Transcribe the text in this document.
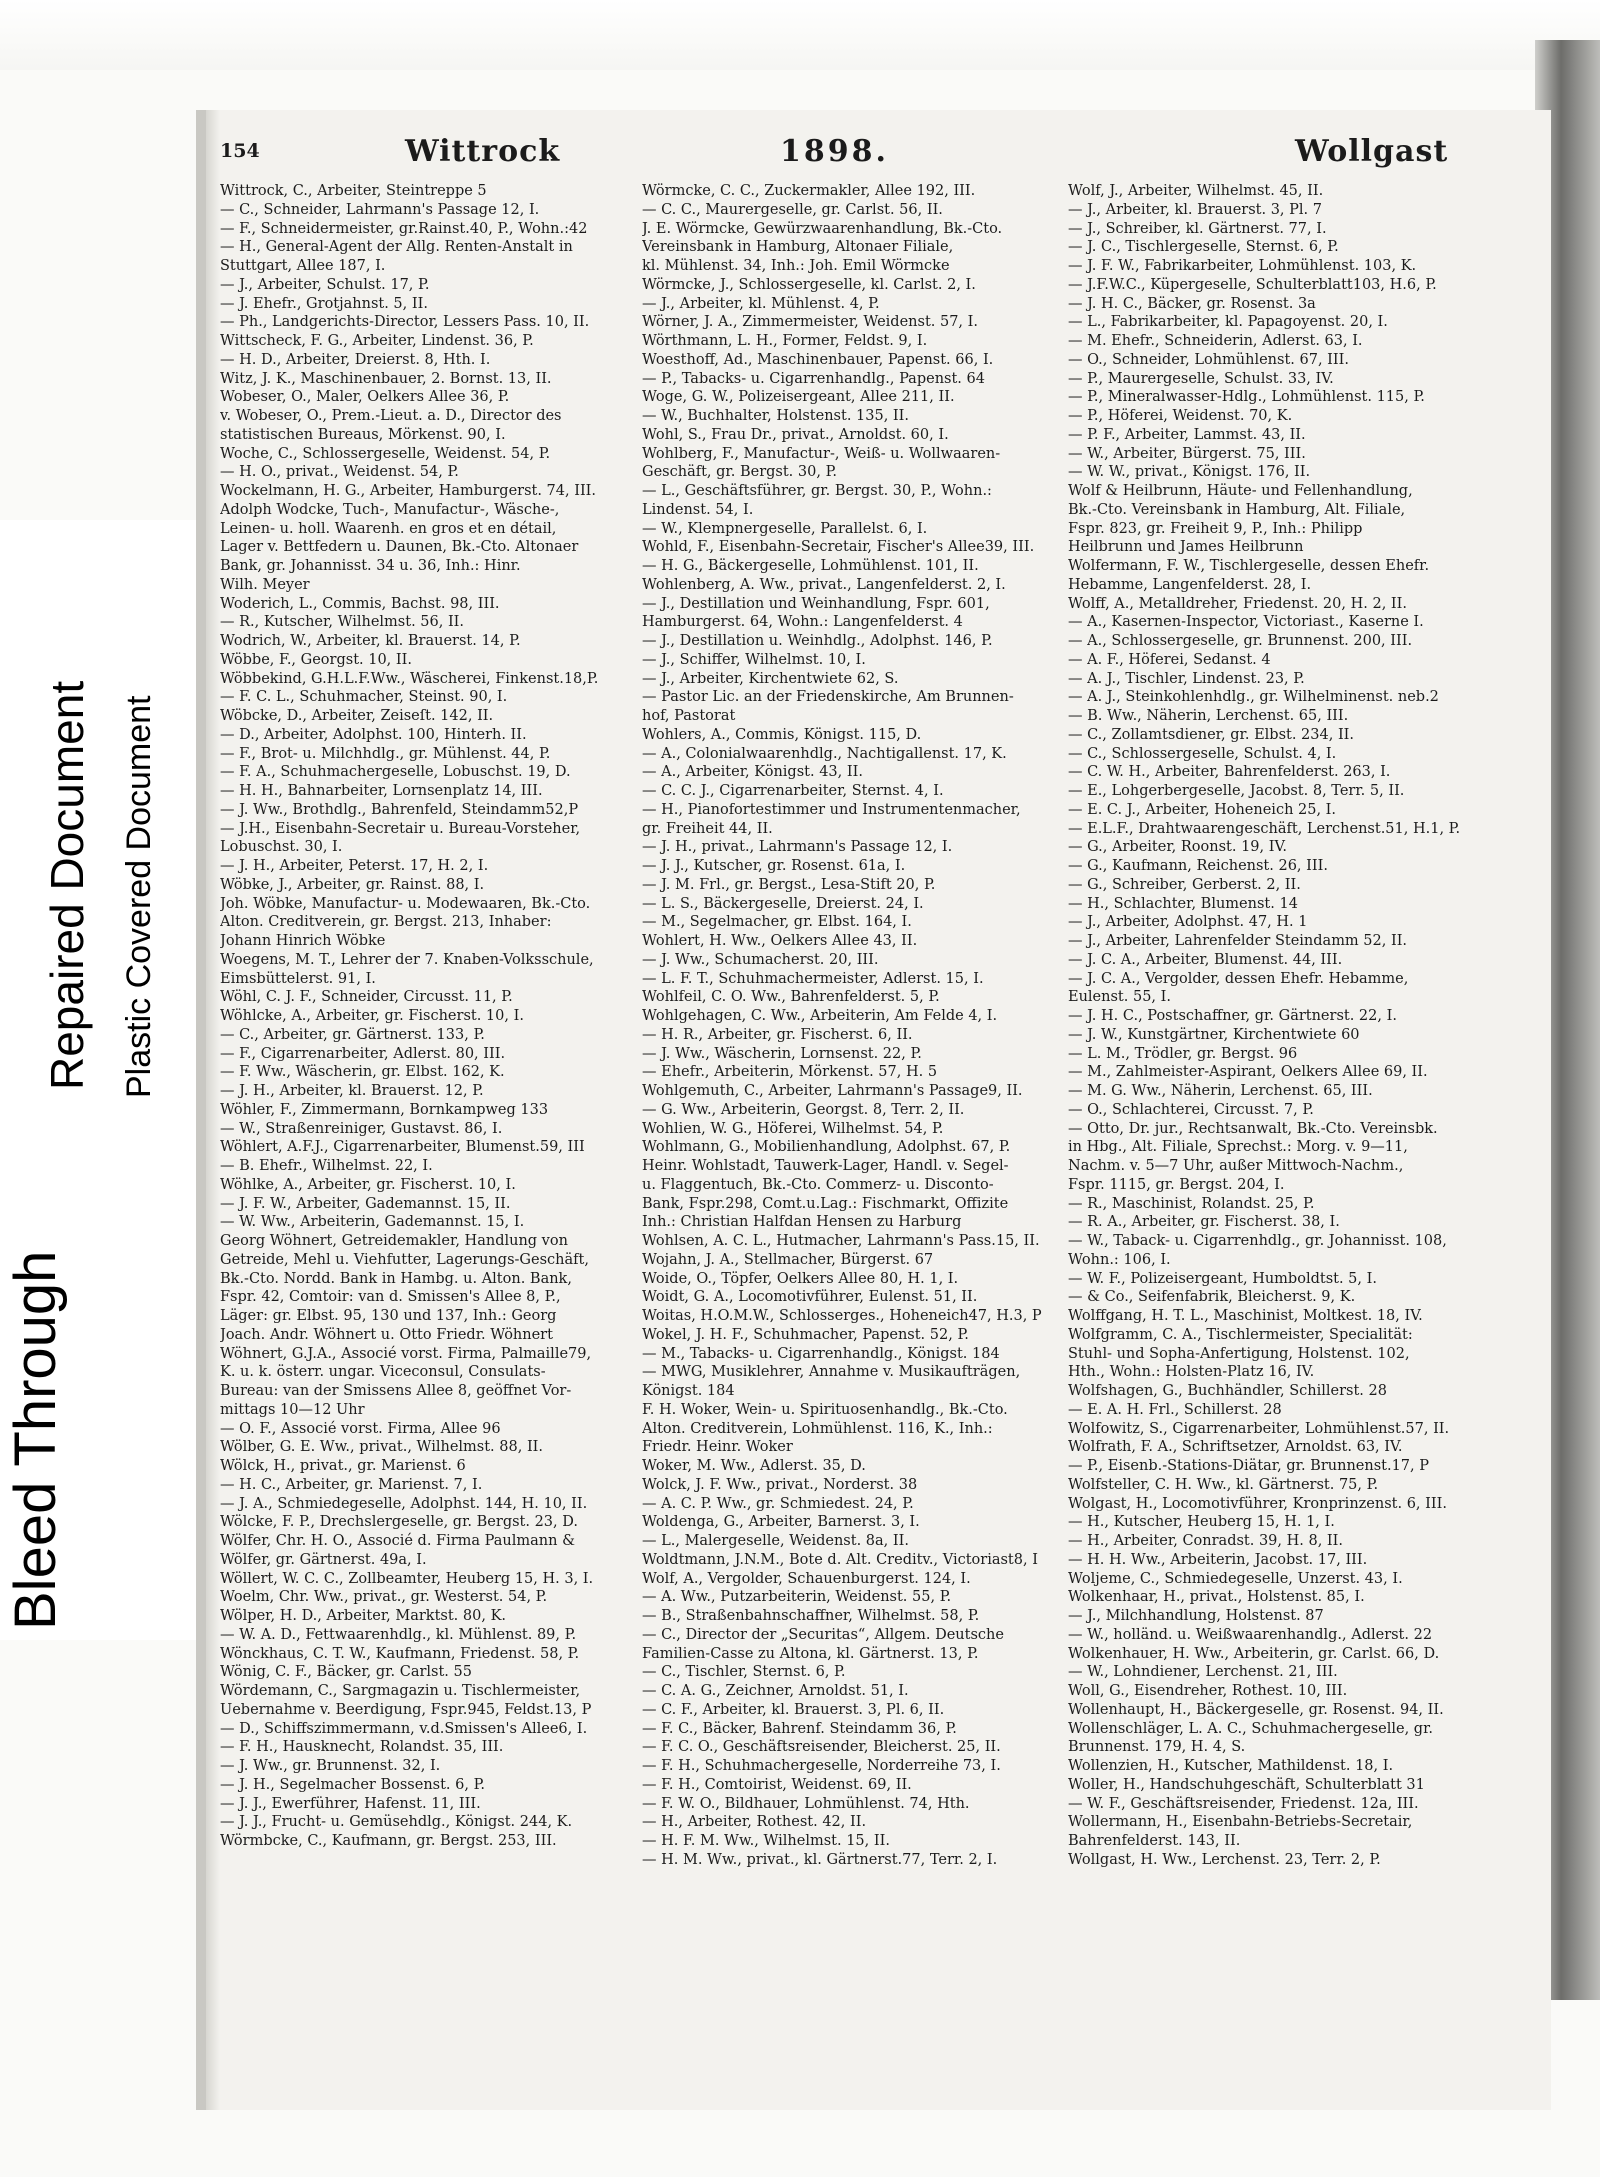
154	Wittrock	1898.	Wollgast
Wittrock, C., Arbeiter, Steintreppe 5
— C., Schneider, Lahrmann's Passage 12, I.
— F., Schneidermeister, gr.Rainst.40, P., Wohn.:42
— H., General-Agent der Allg. Renten-Anstalt in
Stuttgart, Allee 187, I.
— J., Arbeiter, Schulst. 17, P.
— J. Ehefr., Grotjahnst. 5, II.
— Ph., Landgerichts-Director, Lessers Pass. 10, II.
Wittscheck, F. G., Arbeiter, Lindenst. 36, P.
— H. D., Arbeiter, Dreierst. 8, Hth. I.
Witz, J. K., Maschinenbauer, 2. Bornst. 13, II.
Wobeser, O., Maler, Oelkers Allee 36, P.
v. Wobeser, O., Prem.-Lieut. a. D., Director des
statistischen Bureaus, Mörkenst. 90, I.
Woche, C., Schlossergeselle, Weidenst. 54, P.
— H. O., privat., Weidenst. 54, P.
Wockelmann, H. G., Arbeiter, Hamburgerst. 74, III.
Adolph Wodcke, Tuch-, Manufactur-, Wäsche-,
Leinen- u. holl. Waarenh. en gros et en détail,
Lager v. Bettfedern u. Daunen, Bk.-Cto. Altonaer
Bank, gr. Johannisst. 34 u. 36, Inh.: Hinr.
Wilh. Meyer
Woderich, L., Commis, Bachst. 98, III.
— R., Kutscher, Wilhelmst. 56, II.
Wodrich, W., Arbeiter, kl. Brauerst. 14, P.
Wöbbe, F., Georgst. 10, II.
Wöbbekind, G.H.L.F.Ww., Wäscherei, Finkenst.18,P.
— F. C. L., Schuhmacher, Steinst. 90, I.
Wöbcke, D., Arbeiter, Zeiseſt. 142, II.
— D., Arbeiter, Adolphst. 100, Hinterh. II.
— F., Brot- u. Milchhdlg., gr. Mühlenst. 44, P.
— F. A., Schuhmachergeselle, Lobuschst. 19, D.
— H. H., Bahnarbeiter, Lornsenplatz 14, III.
— J. Ww., Brothdlg., Bahrenfeld, Steindamm52,P
— J.H., Eisenbahn-Secretair u. Bureau-Vorsteher,
Lobuschst. 30, I.
— J. H., Arbeiter, Peterst. 17, H. 2, I.
Wöbke, J., Arbeiter, gr. Rainst. 88, I.
Joh. Wöbke, Manufactur- u. Modewaaren, Bk.-Cto.
Alton. Creditverein, gr. Bergst. 213, Inhaber:
Johann Hinrich Wöbke
Woegens, M. T., Lehrer der 7. Knaben-Volksschule,
Eimsbüttelerst. 91, I.
Wöhl, C. J. F., Schneider, Circusst. 11, P.
Wöhlcke, A., Arbeiter, gr. Fischerst. 10, I.
— C., Arbeiter, gr. Gärtnerst. 133, P.
— F., Cigarrenarbeiter, Adlerst. 80, III.
— F. Ww., Wäscherin, gr. Elbst. 162, K.
— J. H., Arbeiter, kl. Brauerst. 12, P.
Wöhler, F., Zimmermann, Bornkampweg 133
— W., Straßenreiniger, Gustavst. 86, I.
Wöhlert, A.F.J., Cigarrenarbeiter, Blumenst.59, III
— B. Ehefr., Wilhelmst. 22, I.
Wöhlke, A., Arbeiter, gr. Fischerst. 10, I.
— J. F. W., Arbeiter, Gademannst. 15, II.
— W. Ww., Arbeiterin, Gademannst. 15, I.
Georg Wöhnert, Getreidemakler, Handlung von
Getreide, Mehl u. Viehfutter, Lagerungs-Geschäft,
Bk.-Cto. Nordd. Bank in Hambg. u. Alton. Bank,
Fspr. 42, Comtoir: van d. Smissen's Allee 8, P.,
Läger: gr. Elbst. 95, 130 und 137, Inh.: Georg
Joach. Andr. Wöhnert u. Otto Friedr. Wöhnert
Wöhnert, G.J.A., Associé vorst. Firma, Palmaille79,
K. u. k. österr. ungar. Viceconsul, Consulats-
Bureau: van der Smissens Allee 8, geöffnet Vor-
mittags 10—12 Uhr
— O. F., Associé vorst. Firma, Allee 96
Wölber, G. E. Ww., privat., Wilhelmst. 88, II.
Wölck, H., privat., gr. Marienst. 6
— H. C., Arbeiter, gr. Marienst. 7, I.
— J. A., Schmiedegeselle, Adolphst. 144, H. 10, II.
Wölcke, F. P., Drechslergeselle, gr. Bergst. 23, D.
Wölfer, Chr. H. O., Associé d. Firma Paulmann &
Wölfer, gr. Gärtnerst. 49a, I.
Wöllert, W. C. C., Zollbeamter, Heuberg 15, H. 3, I.
Woelm, Chr. Ww., privat., gr. Westerst. 54, P.
Wölper, H. D., Arbeiter, Marktst. 80, K.
— W. A. D., Fettwaarenhdlg., kl. Mühlenst. 89, P.
Wönckhaus, C. T. W., Kaufmann, Friedenst. 58, P.
Wönig, C. F., Bäcker, gr. Carlst. 55
Wördemann, C., Sargmagazin u. Tischlermeister,
Uebernahme v. Beerdigung, Fspr.945, Feldst.13, P
— D., Schiffszimmermann, v.d.Smissen's Allee6, I.
— F. H., Hausknecht, Rolandst. 35, III.
— J. Ww., gr. Brunnenst. 32, I.
— J. H., Segelmacher Bossenst. 6, P.
— J. J., Ewerführer, Hafenst. 11, III.
— J. J., Frucht- u. Gemüsehdlg., Königst. 244, K.
Wörmbcke, C., Kaufmann, gr. Bergst. 253, III.
Wörmcke, C. C., Zuckermakler, Allee 192, III.
— C. C., Maurergeselle, gr. Carlst. 56, II.
J. E. Wörmcke, Gewürzwaarenhandlung, Bk.-Cto.
Vereinsbank in Hamburg, Altonaer Filiale,
kl. Mühlenst. 34, Inh.: Joh. Emil Wörmcke
Wörmcke, J., Schlossergeselle, kl. Carlst. 2, I.
— J., Arbeiter, kl. Mühlenst. 4, P.
Wörner, J. A., Zimmermeister, Weidenst. 57, I.
Wörthmann, L. H., Former, Feldst. 9, I.
Woesthoff, Ad., Maschinenbauer, Papenst. 66, I.
— P., Tabacks- u. Cigarrenhandlg., Papenst. 64
Woge, G. W., Polizeisergeant, Allee 211, II.
— W., Buchhalter, Holstenst. 135, II.
Wohl, S., Frau Dr., privat., Arnoldst. 60, I.
Wohlberg, F., Manufactur-, Weiß- u. Wollwaaren-
Geschäft, gr. Bergst. 30, P.
— L., Geschäftsführer, gr. Bergst. 30, P., Wohn.:
Lindenst. 54, I.
— W., Klempnergeselle, Parallelst. 6, I.
Wohld, F., Eisenbahn-Secretair, Fischer's Allee39, III.
— H. G., Bäckergeselle, Lohmühlenst. 101, II.
Wohlenberg, A. Ww., privat., Langenfelderst. 2, I.
— J., Destillation und Weinhandlung, Fspr. 601,
Hamburgerst. 64, Wohn.: Langenfelderst. 4
— J., Destillation u. Weinhdlg., Adolphst. 146, P.
— J., Schiffer, Wilhelmst. 10, I.
— J., Arbeiter, Kirchentwiete 62, S.
— Pastor Lic. an der Friedenskirche, Am Brunnen-
hof, Pastorat
Wohlers, A., Commis, Königst. 115, D.
— A., Colonialwaarenhdlg., Nachtigallenst. 17, K.
— A., Arbeiter, Königst. 43, II.
— C. C. J., Cigarrenarbeiter, Sternst. 4, I.
— H., Pianofortestimmer und Instrumentenmacher,
gr. Freiheit 44, II.
— J. H., privat., Lahrmann's Passage 12, I.
— J. J., Kutscher, gr. Rosenst. 61a, I.
— J. M. Frl., gr. Bergst., Lesa-Stift 20, P.
— L. S., Bäckergeselle, Dreierst. 24, I.
— M., Segelmacher, gr. Elbst. 164, I.
Wohlert, H. Ww., Oelkers Allee 43, II.
— J. Ww., Schumacherst. 20, III.
— L. F. T., Schuhmachermeister, Adlerst. 15, I.
Wohlfeil, C. O. Ww., Bahrenfelderst. 5, P.
Wohlgehagen, C. Ww., Arbeiterin, Am Felde 4, I.
— H. R., Arbeiter, gr. Fischerst. 6, II.
— J. Ww., Wäscherin, Lornsenst. 22, P.
— Ehefr., Arbeiterin, Mörkenst. 57, H. 5
Wohlgemuth, C., Arbeiter, Lahrmann's Passage9, II.
— G. Ww., Arbeiterin, Georgst. 8, Terr. 2, II.
Wohlien, W. G., Höferei, Wilhelmst. 54, P.
Wohlmann, G., Mobilienhandlung, Adolphst. 67, P.
Heinr. Wohlstadt, Tauwerk-Lager, Handl. v. Segel-
u. Flaggentuch, Bk.-Cto. Commerz- u. Disconto-
Bank, Fspr.298, Comt.u.Lag.: Fischmarkt, Offizite
Inh.: Christian Halfdan Hensen zu Harburg
Wohlsen, A. C. L., Hutmacher, Lahrmann's Pass.15, II.
Wojahn, J. A., Stellmacher, Bürgerst. 67
Woide, O., Töpfer, Oelkers Allee 80, H. 1, I.
Woidt, G. A., Locomotivführer, Eulenst. 51, II.
Woitas, H.O.M.W., Schlosserges., Hoheneich47, H.3, P
Wokel, J. H. F., Schuhmacher, Papenst. 52, P.
— M., Tabacks- u. Cigarrenhandlg., Königst. 184
— MWG, Musiklehrer, Annahme v. Musikaufträgen,
Königst. 184
F. H. Woker, Wein- u. Spirituosenhandlg., Bk.-Cto.
Alton. Creditverein, Lohmühlenst. 116, K., Inh.:
Friedr. Heinr. Woker
Woker, M. Ww., Adlerst. 35, D.
Wolck, J. F. Ww., privat., Norderst. 38
— A. C. P. Ww., gr. Schmiedest. 24, P.
Woldenga, G., Arbeiter, Barnerst. 3, I.
— L., Malergeselle, Weidenst. 8a, II.
Woldtmann, J.N.M., Bote d. Alt. Creditv., Victoriast8, I
Wolf, A., Vergolder, Schauenburgerst. 124, I.
— A. Ww., Putzarbeiterin, Weidenst. 55, P.
— B., Straßenbahnschaffner, Wilhelmst. 58, P.
— C., Director der „Securitas“, Allgem. Deutsche
Familien-Casse zu Altona, kl. Gärtnerst. 13, P.
— C., Tischler, Sternst. 6, P.
— C. A. G., Zeichner, Arnoldst. 51, I.
— C. F., Arbeiter, kl. Brauerst. 3, Pl. 6, II.
— F. C., Bäcker, Bahrenf. Steindamm 36, P.
— F. C. O., Geschäftsreisender, Bleicherst. 25, II.
— F. H., Schuhmachergeselle, Norderreihe 73, I.
— F. H., Comtoirist, Weidenst. 69, II.
— F. W. O., Bildhauer, Lohmühlenst. 74, Hth.
— H., Arbeiter, Rothest. 42, II.
— H. F. M. Ww., Wilhelmst. 15, II.
— H. M. Ww., privat., kl. Gärtnerst.77, Terr. 2, I.
Wolf, J., Arbeiter, Wilhelmst. 45, II.
— J., Arbeiter, kl. Brauerst. 3, Pl. 7
— J., Schreiber, kl. Gärtnerst. 77, I.
— J. C., Tischlergeselle, Sternst. 6, P.
— J. F. W., Fabrikarbeiter, Lohmühlenst. 103, K.
— J.F.W.C., Küpergeselle, Schulterblatt103, H.6, P.
— J. H. C., Bäcker, gr. Rosenst. 3a
— L., Fabrikarbeiter, kl. Papagoyenst. 20, I.
— M. Ehefr., Schneiderin, Adlerst. 63, I.
— O., Schneider, Lohmühlenst. 67, III.
— P., Maurergeselle, Schulst. 33, IV.
— P., Mineralwasser-Hdlg., Lohmühlenst. 115, P.
— P., Höferei, Weidenst. 70, K.
— P. F., Arbeiter, Lammst. 43, II.
— W., Arbeiter, Bürgerst. 75, III.
— W. W., privat., Königst. 176, II.
Wolf & Heilbrunn, Häute- und Fellenhandlung,
Bk.-Cto. Vereinsbank in Hamburg, Alt. Filiale,
Fspr. 823, gr. Freiheit 9, P., Inh.: Philipp
Heilbrunn und James Heilbrunn
Wolfermann, F. W., Tischlergeselle, dessen Ehefr.
Hebamme, Langenfelderst. 28, I.
Wolff, A., Metalldreher, Friedenst. 20, H. 2, II.
— A., Kasernen-Inspector, Victoriast., Kaserne I.
— A., Schlossergeselle, gr. Brunnenst. 200, III.
— A. F., Höferei, Sedanst. 4
— A. J., Tischler, Lindenst. 23, P.
— A. J., Steinkohlenhdlg., gr. Wilhelminenst. neb.2
— B. Ww., Näherin, Lerchenst. 65, III.
— C., Zollamtsdiener, gr. Elbst. 234, II.
— C., Schlossergeselle, Schulst. 4, I.
— C. W. H., Arbeiter, Bahrenfelderst. 263, I.
— E., Lohgerbergeselle, Jacobst. 8, Terr. 5, II.
— E. C. J., Arbeiter, Hoheneich 25, I.
— E.L.F., Drahtwaarengeschäft, Lerchenst.51, H.1, P.
— G., Arbeiter, Roonst. 19, IV.
— G., Kaufmann, Reichenst. 26, III.
— G., Schreiber, Gerberst. 2, II.
— H., Schlachter, Blumenst. 14
— J., Arbeiter, Adolphst. 47, H. 1
— J., Arbeiter, Lahrenfelder Steindamm 52, II.
— J. C. A., Arbeiter, Blumenst. 44, III.
— J. C. A., Vergolder, dessen Ehefr. Hebamme,
Eulenst. 55, I.
— J. H. C., Postschaffner, gr. Gärtnerst. 22, I.
— J. W., Kunstgärtner, Kirchentwiete 60
— L. M., Trödler, gr. Bergst. 96
— M., Zahlmeister-Aspirant, Oelkers Allee 69, II.
— M. G. Ww., Näherin, Lerchenst. 65, III.
— O., Schlachterei, Circusst. 7, P.
— Otto, Dr. jur., Rechtsanwalt, Bk.-Cto. Vereinsbk.
in Hbg., Alt. Filiale, Sprechst.: Morg. v. 9—11,
Nachm. v. 5—7 Uhr, außer Mittwoch-Nachm.,
Fspr. 1115, gr. Bergst. 204, I.
— R., Maschinist, Rolandst. 25, P.
— R. A., Arbeiter, gr. Fischerst. 38, I.
— W., Taback- u. Cigarrenhdlg., gr. Johannisst. 108,
Wohn.: 106, I.
— W. F., Polizeisergeant, Humboldtst. 5, I.
— & Co., Seifenfabrik, Bleicherst. 9, K.
Wolffgang, H. T. L., Maschinist, Moltkest. 18, IV.
Wolfgramm, C. A., Tischlermeister, Specialität:
Stuhl- und Sopha-Anfertigung, Holstenst. 102,
Hth., Wohn.: Holsten-Platz 16, IV.
Wolfshagen, G., Buchhändler, Schillerst. 28
— E. A. H. Frl., Schillerst. 28
Wolfowitz, S., Cigarrenarbeiter, Lohmühlenst.57, II.
Wolfrath, F. A., Schriftsetzer, Arnoldst. 63, IV.
— P., Eisenb.-Stations-Diätar, gr. Brunnenst.17, P
Wolfsteller, C. H. Ww., kl. Gärtnerst. 75, P.
Wolgast, H., Locomotivführer, Kronprinzenst. 6, III.
— H., Kutscher, Heuberg 15, H. 1, I.
— H., Arbeiter, Conradst. 39, H. 8, II.
— H. H. Ww., Arbeiterin, Jacobst. 17, III.
Woljeme, C., Schmiedegeselle, Unzerst. 43, I.
Wolkenhaar, H., privat., Holstenst. 85, I.
— J., Milchhandlung, Holstenst. 87
— W., holländ. u. Weißwaarenhandlg., Adlerst. 22
Wolkenhauer, H. Ww., Arbeiterin, gr. Carlst. 66, D.
— W., Lohndiener, Lerchenst. 21, III.
Woll, G., Eisendreher, Rothest. 10, III.
Wollenhaupt, H., Bäckergeselle, gr. Rosenst. 94, II.
Wollenschläger, L. A. C., Schuhmachergeselle, gr.
Brunnenst. 179, H. 4, S.
Wollenzien, H., Kutscher, Mathildenst. 18, I.
Woller, H., Handschuhgeschäft, Schulterblatt 31
— W. F., Geschäftsreisender, Friedenst. 12a, III.
Wollermann, H., Eisenbahn-Betriebs-Secretair,
Bahrenfelderst. 143, II.
Wollgast, H. Ww., Lerchenst. 23, Terr. 2, P.
Bleed Through
Repaired Document Plastic Covered Document
